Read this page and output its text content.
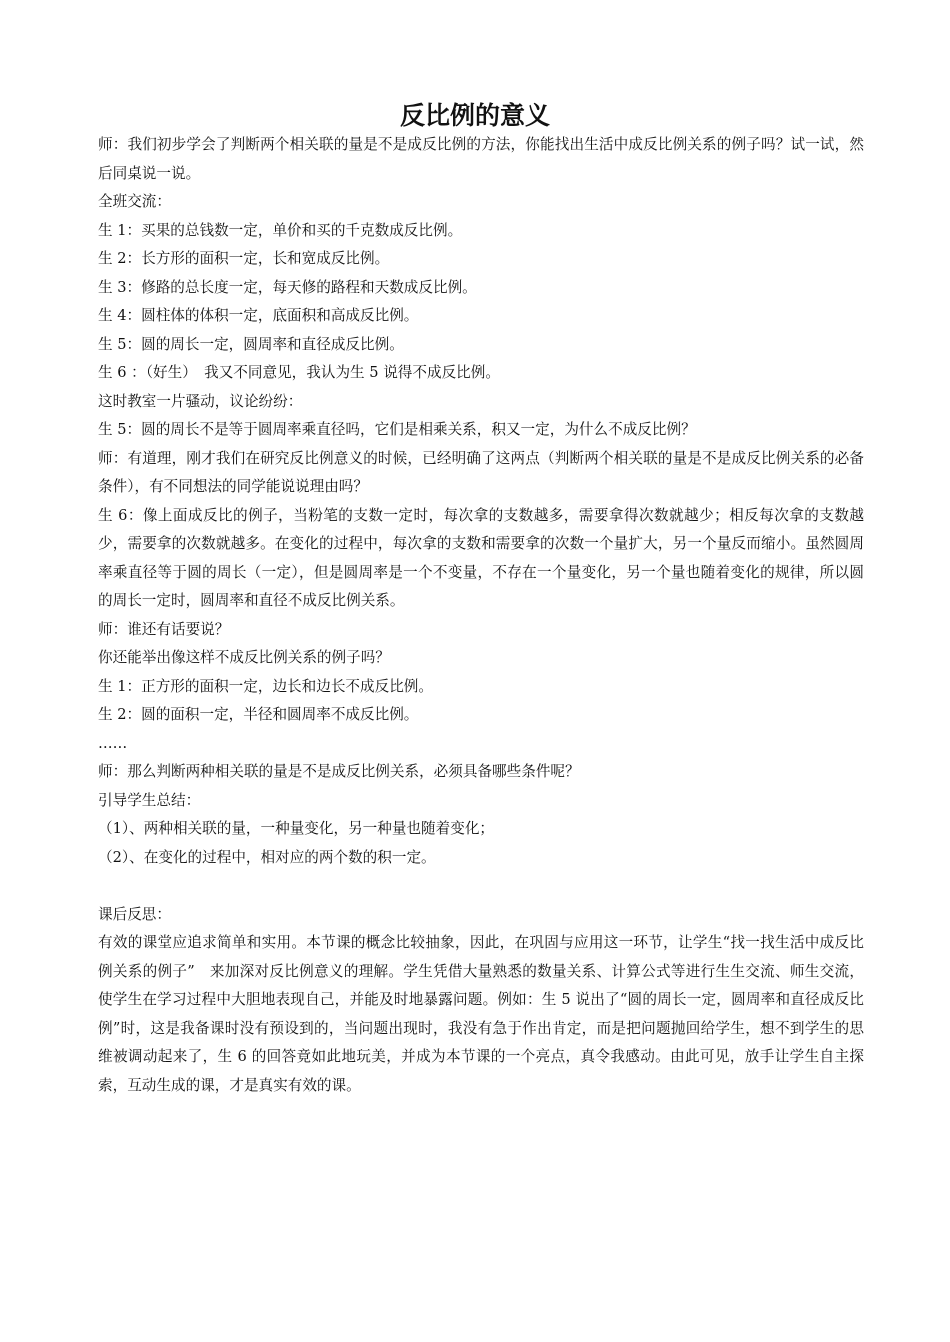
反比例的意义

师：我们初步学会了判断两个相关联的量是不是成反比例的方法，你能找出生活中成反比例关系的例子吗？试一试，然后同桌说一说。

全班交流：

生 1：买果的总钱数一定，单价和买的千克数成反比例。

生 2：长方形的面积一定，长和宽成反比例。

生 3：修路的总长度一定，每天修的路程和天数成反比例。

生 4：圆柱体的体积一定，底面积和高成反比例。

生 5：圆的周长一定，圆周率和直径成反比例。

生 6 ：（好生）　我又不同意见，我认为生 5 说得不成反比例。

这时教室一片骚动，议论纷纷：

生 5：圆的周长不是等于圆周率乘直径吗，它们是相乘关系，积又一定，为什么不成反比例？

师：有道理，刚才我们在研究反比例意义的时候，已经明确了这两点（判断两个相关联的量是不是成反比例关系的必备条件），有不同想法的同学能说说理由吗？

生 6：像上面成反比的例子，当粉笔的支数一定时，每次拿的支数越多，需要拿得次数就越少；相反每次拿的支数越少，需要拿的次数就越多。在变化的过程中，每次拿的支数和需要拿的次数一个量扩大，另一个量反而缩小。虽然圆周率乘直径等于圆的周长（一定），但是圆周率是一个不变量，不存在一个量变化，另一个量也随着变化的规律，所以圆的周长一定时，圆周率和直径不成反比例关系。

师：谁还有话要说？

你还能举出像这样不成反比例关系的例子吗？

生 1：正方形的面积一定，边长和边长不成反比例。

生 2：圆的面积一定，半径和圆周率不成反比例。

……

师：那么判断两种相关联的量是不是成反比例关系，必须具备哪些条件呢？

引导学生总结：

（1）、两种相关联的量，一种量变化，另一种量也随着变化；

（2）、在变化的过程中，相对应的两个数的积一定。

课后反思：

有效的课堂应追求简单和实用。本节课的概念比较抽象，因此，在巩固与应用这一环节，让学生“找一找生活中成反比例关系的例子”　来加深对反比例意义的理解。学生凭借大量熟悉的数量关系、计算公式等进行生生交流、师生交流，使学生在学习过程中大胆地表现自己，并能及时地暴露问题。例如：生 5 说出了“圆的周长一定，圆周率和直径成反比例”时，这是我备课时没有预设到的，当问题出现时，我没有急于作出肯定，而是把问题抛回给学生，想不到学生的思维被调动起来了，生 6 的回答竟如此地玩美，并成为本节课的一个亮点，真令我感动。由此可见，放手让学生自主探索，互动生成的课，才是真实有效的课。
